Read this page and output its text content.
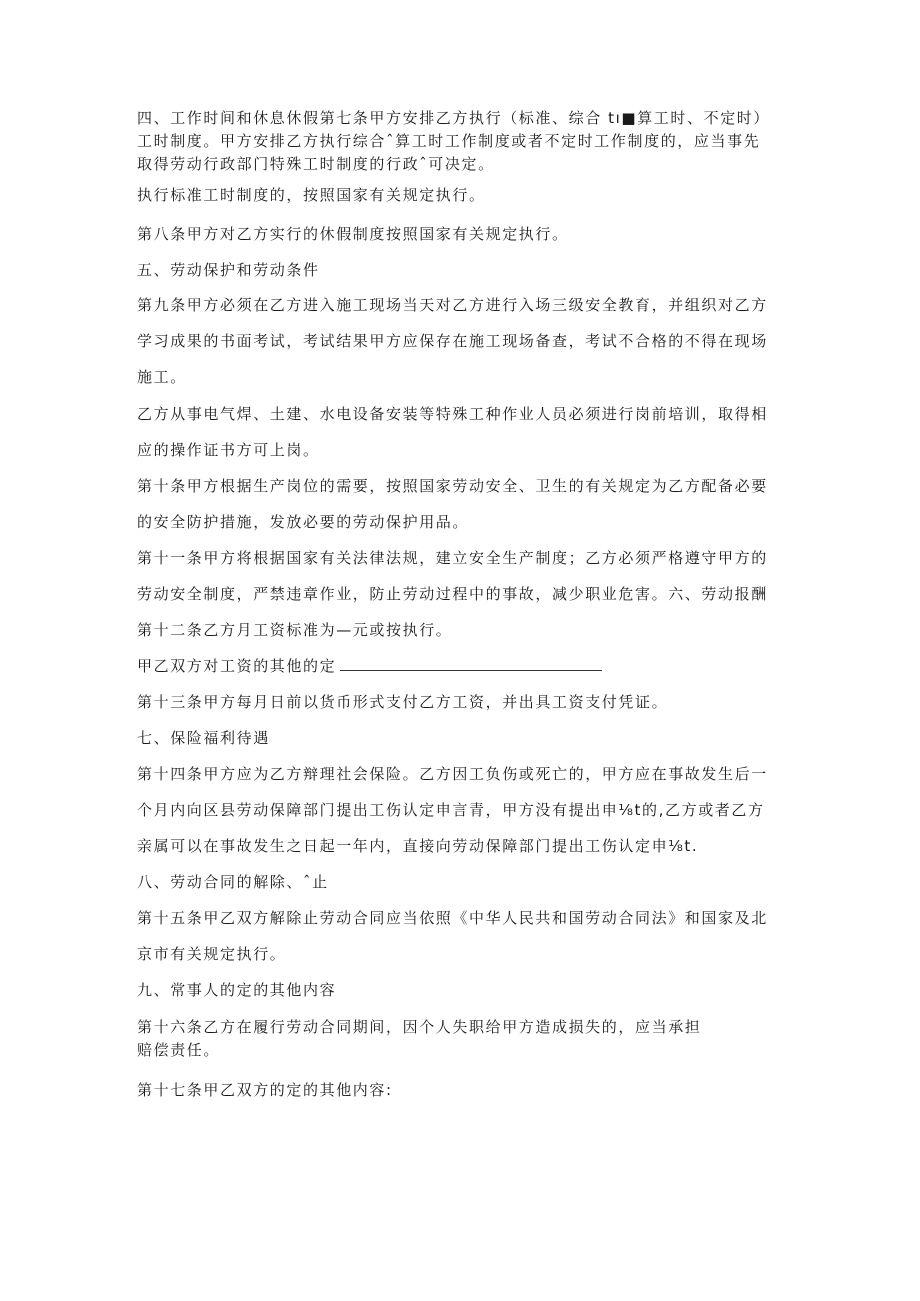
四、工作时间和休息休假第七条甲方安排乙方执行（标准、综合 tı■算工时、不定时）
工时制度。甲方安排乙方执行综合ˆ算工时工作制度或者不定时工作制度的，应当事先
取得劳动行政部门特殊工时制度的行政ˆ可决定。
执行标准工时制度的，按照国家有关规定执行。
第八条甲方对乙方实行的休假制度按照国家有关规定执行。
五、劳动保护和劳动条件
第九条甲方必须在乙方进入施工现场当天对乙方进行入场三级安全教育，并组织对乙方
学习成果的书面考试，考试结果甲方应保存在施工现场备查，考试不合格的不得在现场
施工。
乙方从事电气焊、土建、水电设备安装等特殊工种作业人员必须进行岗前培训，取得相
应的操作证书方可上岗。
第十条甲方根据生产岗位的需要，按照国家劳动安全、卫生的有关规定为乙方配备必要
的安全防护措施，发放必要的劳动保护用品。
第十一条甲方将根据国家有关法律法规，建立安全生产制度；乙方必须严格遵守甲方的
劳动安全制度，严禁违章作业，防止劳动过程中的事故，减少职业危害。六、劳动报酬
第十二条乙方月工资标准为—元或按执行。
甲乙双方对工资的其他的定
第十三条甲方每月日前以货币形式支付乙方工资，并出具工资支付凭证。
七、保险福利待遇
第十四条甲方应为乙方辩理社会保险。乙方因工负伤或死亡的，甲方应在事故发生后一
个月内向区县劳动保障部门提出工伤认定申言青，甲方没有提出申⅛t的,乙方或者乙方
亲属可以在事故发生之日起一年内，直接向劳动保障部门提出工伤认定申⅛t.
八、劳动合同的解除、ˆ止
第十五条甲乙双方解除止劳动合同应当依照《中华人民共和国劳动合同法》和国家及北
京市有关规定执行。
九、常事人的定的其他内容
第十六条乙方在履行劳动合同期间，因个人失职给甲方造成损失的，应当承担
赔偿责任。
第十七条甲乙双方的定的其他内容:
